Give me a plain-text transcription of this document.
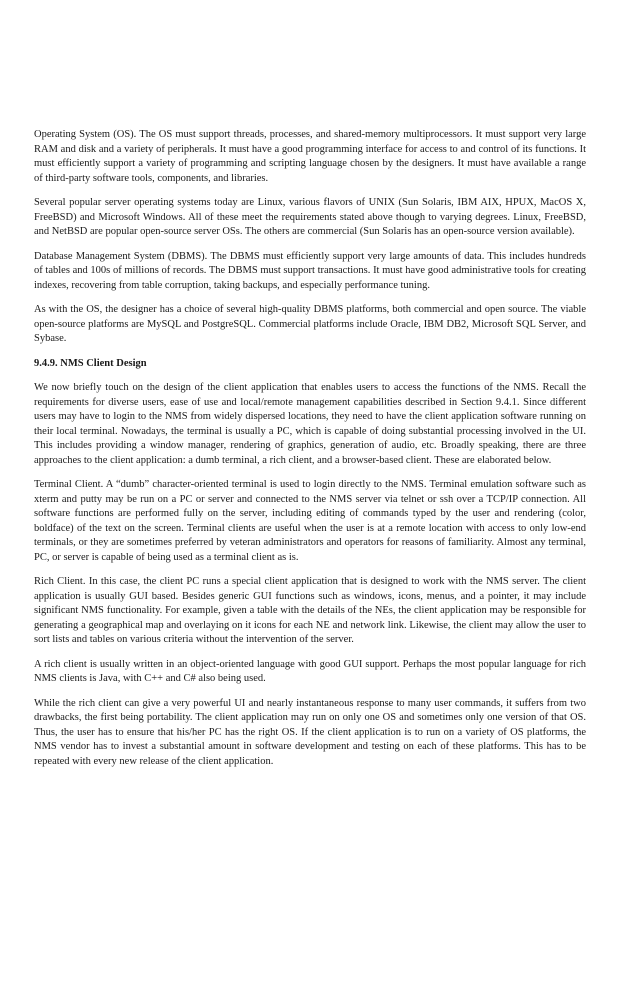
Operating System (OS). The OS must support threads, processes, and shared-memory multiprocessors. It must support very large RAM and disk and a variety of peripherals. It must have a good programming interface for access to and control of its functions. It must efficiently support a variety of programming and scripting language chosen by the designers. It must have available a range of third-party software tools, components, and libraries.

Several popular server operating systems today are Linux, various flavors of UNIX (Sun Solaris, IBM AIX, HPUX, MacOS X, FreeBSD) and Microsoft Windows. All of these meet the requirements stated above though to varying degrees. Linux, FreeBSD, and NetBSD are popular open-source server OSs. The others are commercial (Sun Solaris has an open-source version available).

Database Management System (DBMS). The DBMS must efficiently support very large amounts of data. This includes hundreds of tables and 100s of millions of records. The DBMS must support transactions. It must have good administrative tools for creating indexes, recovering from table corruption, taking backups, and especially performance tuning.

As with the OS, the designer has a choice of several high-quality DBMS platforms, both commercial and open source. The viable open-source platforms are MySQL and PostgreSQL. Commercial platforms include Oracle, IBM DB2, Microsoft SQL Server, and Sybase.

9.4.9. NMS Client Design

We now briefly touch on the design of the client application that enables users to access the functions of the NMS. Recall the requirements for diverse users, ease of use and local/remote management capabilities described in Section 9.4.1. Since different users may have to login to the NMS from widely dispersed locations, they need to have the client application software running on their local terminal. Nowadays, the terminal is usually a PC, which is capable of doing substantial processing involved in the UI. This includes providing a window manager, rendering of graphics, generation of audio, etc. Broadly speaking, there are three approaches to the client application: a dumb terminal, a rich client, and a browser-based client. These are elaborated below.

Terminal Client. A “dumb” character-oriented terminal is used to login directly to the NMS. Terminal emulation software such as xterm and putty may be run on a PC or server and connected to the NMS server via telnet or ssh over a TCP/IP connection. All software functions are performed fully on the server, including editing of commands typed by the user and rendering (color, boldface) of the text on the screen. Terminal clients are useful when the user is at a remote location with access to only low-end terminals, or they are sometimes preferred by veteran administrators and operators for reasons of familiarity. Almost any terminal, PC, or server is capable of being used as a terminal client as is.

Rich Client. In this case, the client PC runs a special client application that is designed to work with the NMS server. The client application is usually GUI based. Besides generic GUI functions such as windows, icons, menus, and a pointer, it may include significant NMS functionality. For example, given a table with the details of the NEs, the client application may be responsible for generating a geographical map and overlaying on it icons for each NE and network link. Likewise, the client may allow the user to sort lists and tables on various criteria without the intervention of the server.

A rich client is usually written in an object-oriented language with good GUI support. Perhaps the most popular language for rich NMS clients is Java, with C++ and C# also being used.

While the rich client can give a very powerful UI and nearly instantaneous response to many user commands, it suffers from two drawbacks, the first being portability. The client application may run on only one OS and sometimes only one version of that OS. Thus, the user has to ensure that his/her PC has the right OS. If the client application is to run on a variety of OS platforms, the NMS vendor has to invest a substantial amount in software development and testing on each of these platforms. This has to be repeated with every new release of the client application.
